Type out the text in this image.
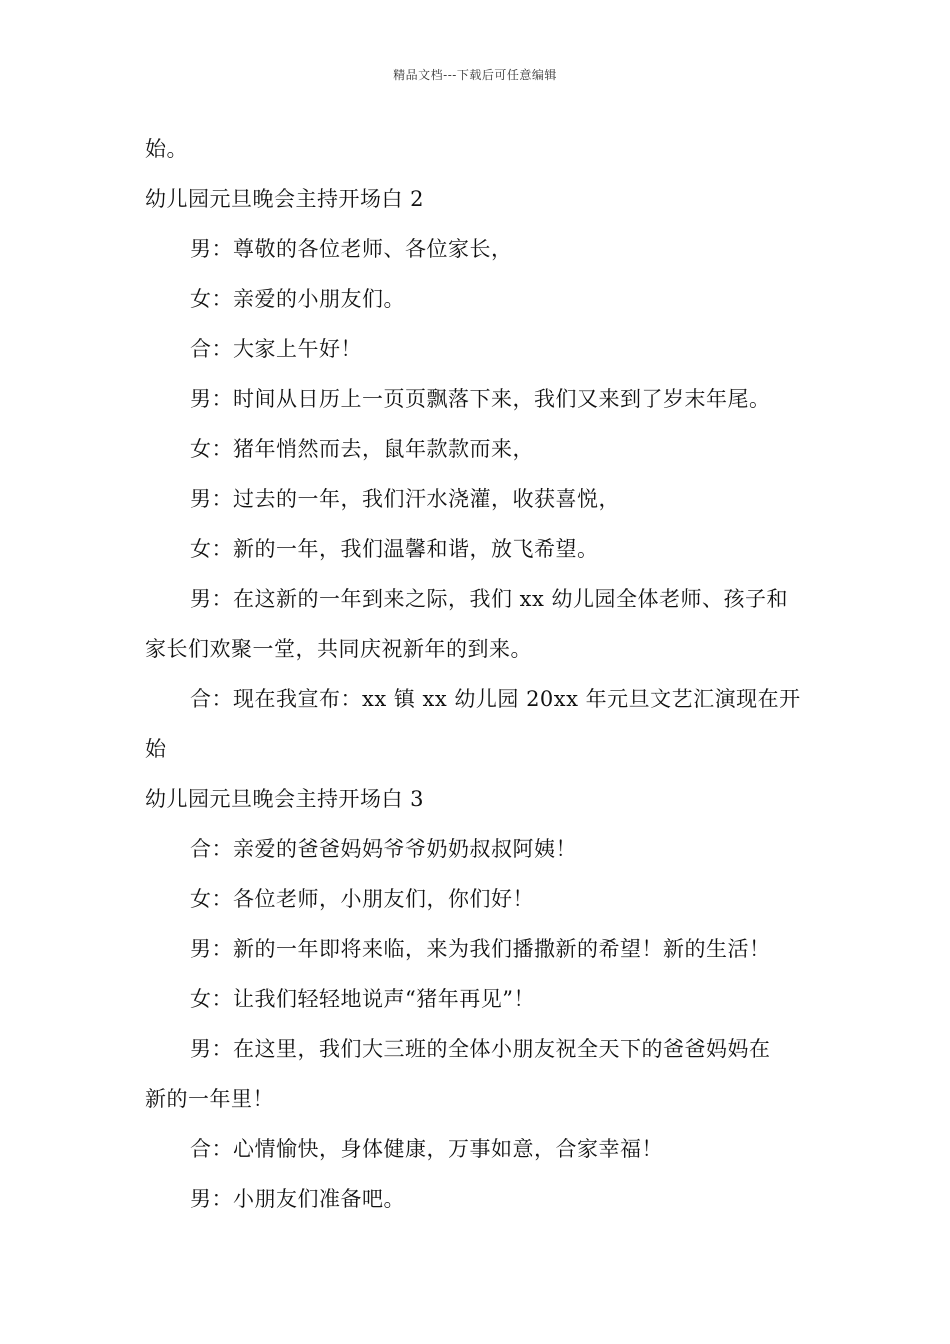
精品文档---下载后可任意编辑
始。
幼儿园元旦晚会主持开场白 2
男：尊敬的各位老师、各位家长，
女：亲爱的小朋友们。
合：大家上午好！
男：时间从日历上一页页飘落下来，我们又来到了岁末年尾。
女：猪年悄然而去，鼠年款款而来，
男：过去的一年，我们汗水浇灌，收获喜悦，
女：新的一年，我们温馨和谐，放飞希望。
男：在这新的一年到来之际，我们 xx 幼儿园全体老师、孩子和
家长们欢聚一堂，共同庆祝新年的到来。
合：现在我宣布：xx 镇 xx 幼儿园 20xx 年元旦文艺汇演现在开
始
幼儿园元旦晚会主持开场白 3
合：亲爱的爸爸妈妈爷爷奶奶叔叔阿姨！
女：各位老师，小朋友们，你们好！
男：新的一年即将来临，来为我们播撒新的希望！新的生活！
女：让我们轻轻地说声“猪年再见”！
男：在这里，我们大三班的全体小朋友祝全天下的爸爸妈妈在
新的一年里！
合：心情愉快，身体健康，万事如意，合家幸福！
男：小朋友们准备吧。
